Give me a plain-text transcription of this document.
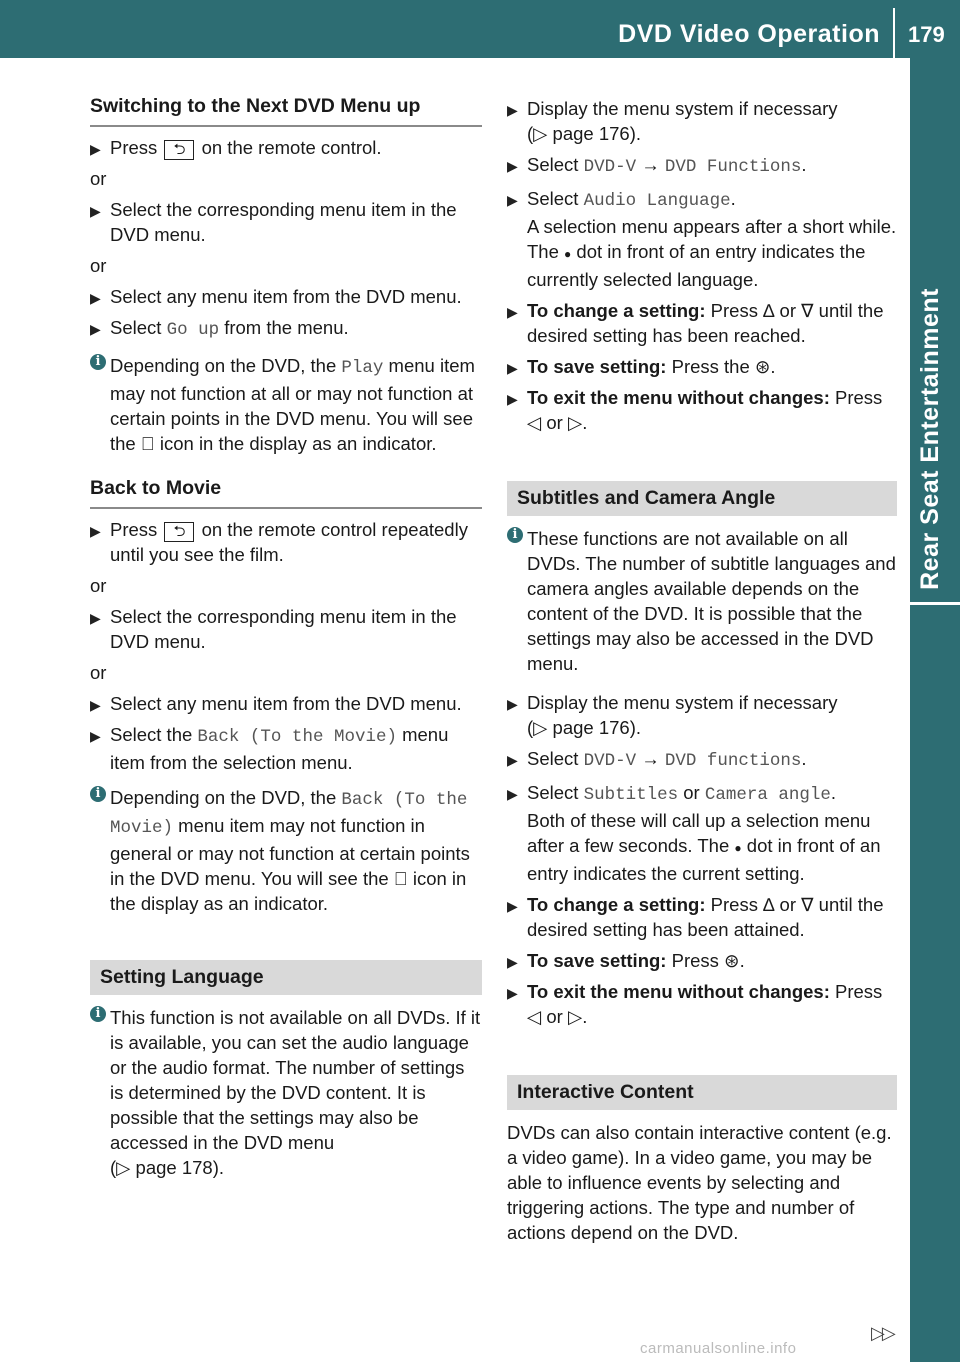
DVD Video Operation 179
Rear Seat Entertainment
Switching to the Next DVD Menu up
▶ Press ⮌ on the remote control.
or
▶ Select the corresponding menu item in the DVD menu.
or
▶ Select any menu item from the DVD menu.
▶ Select Go up from the menu.
i Depending on the DVD, the Play menu item may not function at all or may not function at certain points in the DVD menu. You will see the icon in the display as an indicator.
Back to Movie
▶ Press ⮌ on the remote control repeatedly until you see the film.
or
▶ Select the corresponding menu item in the DVD menu.
or
▶ Select any menu item from the DVD menu.
▶ Select the Back (To the Movie) menu item from the selection menu.
i Depending on the DVD, the Back (To the Movie) menu item may not function in general or may not function at certain points in the DVD menu. You will see the icon in the display as an indicator.
Setting Language
i This function is not available on all DVDs. If it is available, you can set the audio language or the audio format. The number of settings is determined by the DVD content. It is possible that the settings may also be accessed in the DVD menu
(▷ page 178).
▶ Display the menu system if necessary
(▷ page 176).
▶ Select DVD-V → DVD Functions.
▶ Select Audio Language.
A selection menu appears after a short while. The ● dot in front of an entry indicates the currently selected language.
▶ To change a setting: Press ∆ or ∇ until the desired setting has been reached.
▶ To save setting: Press the ⊛.
▶ To exit the menu without changes: Press ◁ or ▷.
Subtitles and Camera Angle
i These functions are not available on all DVDs. The number of subtitle languages and camera angles available depends on the content of the DVD. It is possible that the settings may also be accessed in the DVD menu.
▶ Display the menu system if necessary
(▷ page 176).
▶ Select DVD-V → DVD functions.
▶ Select Subtitles or Camera angle.
Both of these will call up a selection menu after a few seconds. The ● dot in front of an entry indicates the current setting.
▶ To change a setting: Press ∆ or ∇ until the desired setting has been attained.
▶ To save setting: Press ⊛.
▶ To exit the menu without changes: Press ◁ or ▷.
Interactive Content
DVDs can also contain interactive content (e.g. a video game). In a video game, you may be able to influence events by selecting and triggering actions. The type and number of actions depend on the DVD.
▷▷
carmanualsonline.info
